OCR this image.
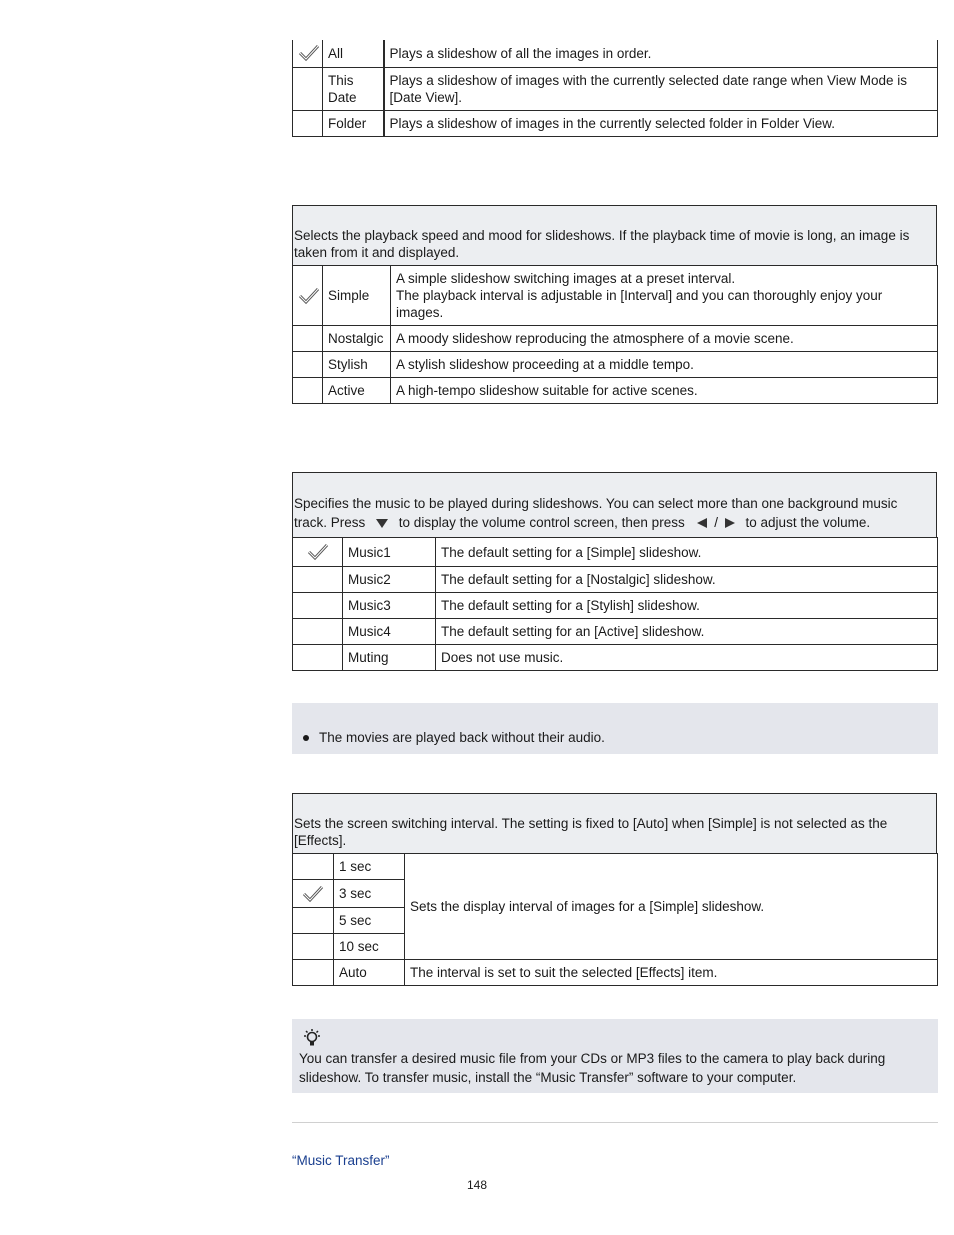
	All	Plays a slideshow of all the images in order.
	This Date	Plays a slideshow of images with the currently selected date range when View Mode is [Date View].
	Folder	Plays a slideshow of images in the currently selected folder in Folder View.
Selects the playback speed and mood for slideshows. If the playback time of movie is long, an image is taken from it and displayed.
	Simple	A simple slideshow switching images at a preset interval.
The playback interval is adjustable in [Interval] and you can thoroughly enjoy your images.

	Nostalgic	A moody slideshow reproducing the atmosphere of a movie scene.
	Stylish	A stylish slideshow proceeding at a middle tempo.
	Active	A high-tempo slideshow suitable for active scenes.
Specifies the music to be played during slideshows. You can select more than one background music track. Press to display the volume control screen, then press / to adjust the volume.
	Music1	The default setting for a [Simple] slideshow.
	Music2	The default setting for a [Nostalgic] slideshow.
	Music3	The default setting for a [Stylish] slideshow.
	Music4	The default setting for an [Active] slideshow.
	Muting	Does not use music.
The movies are played back without their audio.
Sets the screen switching interval. The setting is fixed to [Auto] when [Simple] is not selected as the [Effects].
	1 sec	Sets the display interval of images for a [Simple] slideshow.
	3 sec	
	5 sec	
	10 sec	
	Auto	The interval is set to suit the selected [Effects] item.
You can transfer a desired music file from your CDs or MP3 files to the camera to play back during slideshow. To transfer music, install the “Music Transfer” software to your computer.
“Music Transfer”
148
